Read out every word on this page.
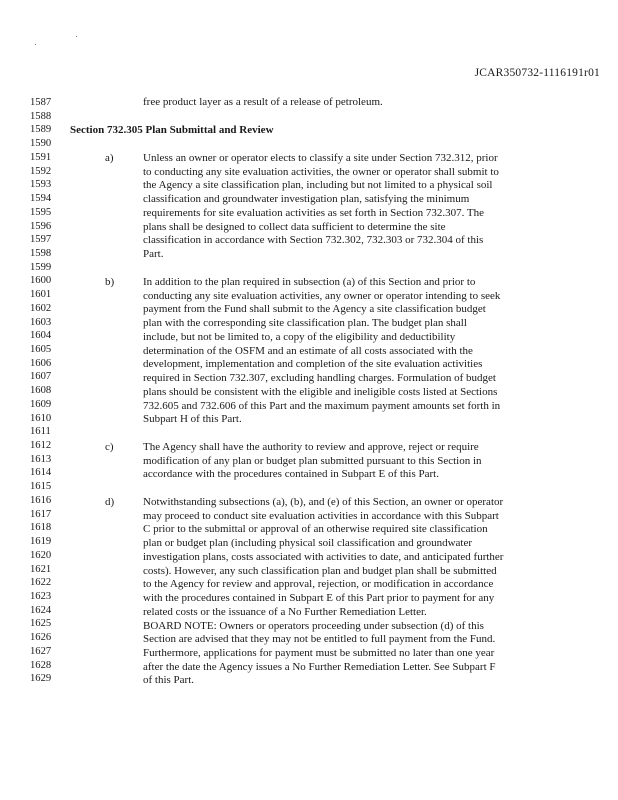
JCAR350732-1116191r01
1587
1588
1589
1590
1591
1592
1593
1594
1595
1596
1597
1598
1599
1600
1601
1602
1603
1604
1605
1606
1607
1608
1609
1610
1611
1612
1613
1614
1615
1616
1617
1618
1619
1620
1621
1622
1623
1624
1625
1626
1627
1628
1629
free product layer as a result of a release of petroleum.
Section 732.305 Plan Submittal and Review
a)	Unless an owner or operator elects to classify a site under Section 732.312, prior
to conducting any site evaluation activities, the owner or operator shall submit to
the Agency a site classification plan, including but not limited to a physical soil
classification and groundwater investigation plan, satisfying the minimum
requirements for site evaluation activities as set forth in Section 732.307. The
plans shall be designed to collect data sufficient to determine the site
classification in accordance with Section 732.302, 732.303 or 732.304 of this
Part.
b)	In addition to the plan required in subsection (a) of this Section and prior to
conducting any site evaluation activities, any owner or operator intending to seek
payment from the Fund shall submit to the Agency a site classification budget
plan with the corresponding site classification plan. The budget plan shall
include, but not be limited to, a copy of the eligibility and deductibility
determination of the OSFM and an estimate of all costs associated with the
development, implementation and completion of the site evaluation activities
required in Section 732.307, excluding handling charges. Formulation of budget
plans should be consistent with the eligible and ineligible costs listed at Sections
732.605 and 732.606 of this Part and the maximum payment amounts set forth in
Subpart H of this Part.
c)	The Agency shall have the authority to review and approve, reject or require
modification of any plan or budget plan submitted pursuant to this Section in
accordance with the procedures contained in Subpart E of this Part.
d)	Notwithstanding subsections (a), (b), and (e) of this Section, an owner or operator
may proceed to conduct site evaluation activities in accordance with this Subpart
C prior to the submittal or approval of an otherwise required site classification
plan or budget plan (including physical soil classification and groundwater
investigation plans, costs associated with activities to date, and anticipated further
costs). However, any such classification plan and budget plan shall be submitted
to the Agency for review and approval, rejection, or modification in accordance
with the procedures contained in Subpart E of this Part prior to payment for any
related costs or the issuance of a No Further Remediation Letter.
BOARD NOTE: Owners or operators proceeding under subsection (d) of this
Section are advised that they may not be entitled to full payment from the Fund.
Furthermore, applications for payment must be submitted no later than one year
after the date the Agency issues a No Further Remediation Letter. See Subpart F
of this Part.
